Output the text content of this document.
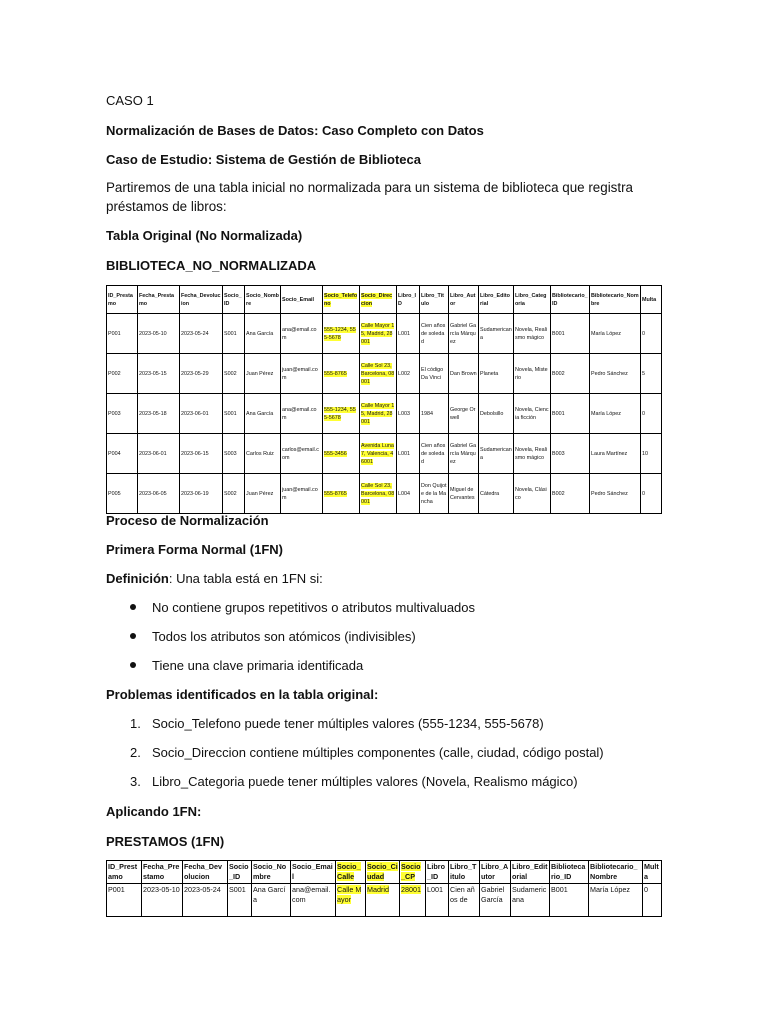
CASO 1
Normalización de Bases de Datos: Caso Completo con Datos
Caso de Estudio: Sistema de Gestión de Biblioteca
Partiremos de una tabla inicial no normalizada para un sistema de biblioteca que registra préstamos de libros:
Tabla Original (No Normalizada)
BIBLIOTECA_NO_NORMALIZADA
Proceso de Normalización
Primera Forma Normal (1FN)
Definición: Una tabla está en 1FN si:
No contiene grupos repetitivos o atributos multivaluados
Todos los atributos son atómicos (indivisibles)
Tiene una clave primaria identificada
Problemas identificados en la tabla original:
1. Socio_Telefono puede tener múltiples valores (555-1234, 555-5678)
2. Socio_Direccion contiene múltiples componentes (calle, ciudad, código postal)
3. Libro_Categoria puede tener múltiples valores (Novela, Realismo mágico)
Aplicando 1FN:
PRESTAMOS (1FN)
ID_Prestamo	Fecha_Prestamo	Fecha_Devolucion	Socio_ID	Socio_Nombre	Socio_Email	Socio_Telefono	Socio_Direccion	Libro_ID	Libro_Titulo	Libro_Autor	Libro_Editorial	Libro_Categoria	Bibliotecario_ID	Bibliotecario_Nombre	Multa
P001	2023-05-10	2023-05-24	S001	Ana García	ana@email.com	555-1234, 555-5678	Calle Mayor 15, Madrid, 28001	L001	Cien años de soledad	Gabriel García Márquez	Sudamericana	Novela, Realismo mágico	B001	María López	0
P002	2023-05-15	2023-05-29	S002	Juan Pérez	juan@email.com	555-8765	Calle Sol 23, Barcelona, 08001	L002	El código Da Vinci	Dan Brown	Planeta	Novela, Misterio	B002	Pedro Sánchez	5
P003	2023-05-18	2023-06-01	S001	Ana García	ana@email.com	555-1234, 555-5678	Calle Mayor 15, Madrid, 28001	L003	1984	George Orwell	Debolsillo	Novela, Ciencia ficción	B001	María López	0
P004	2023-06-01	2023-06-15	S003	Carlos Ruiz	carlos@email.com	555-3456	Avenida Luna 7, Valencia, 46001	L001	Cien años de soledad	Gabriel García Márquez	Sudamericana	Novela, Realismo mágico	B003	Laura Martínez	10
P005	2023-06-05	2023-06-19	S002	Juan Pérez	juan@email.com	555-8765	Calle Sol 23, Barcelona, 08001	L004	Don Quijote de la Mancha	Miguel de Cervantes	Cátedra	Novela, Clásico	B002	Pedro Sánchez	0
ID_Prestamo	Fecha_Prestamo	Fecha_Devolucion	Socio_ID	Socio_Nombre	Socio_Email	Socio_Calle	Socio_Ciudad	Socio_CP	Libro_ID	Libro_Titulo	Libro_Autor	Libro_Editorial	Bibliotecario_ID	Bibliotecario_Nombre	Multa
P001	2023-05-10	2023-05-24	S001	Ana García	ana@email.com	Calle Mayor	Madrid	28001	L001	Cien años de	Gabriel García	Sudamericana	B001	María López	0
